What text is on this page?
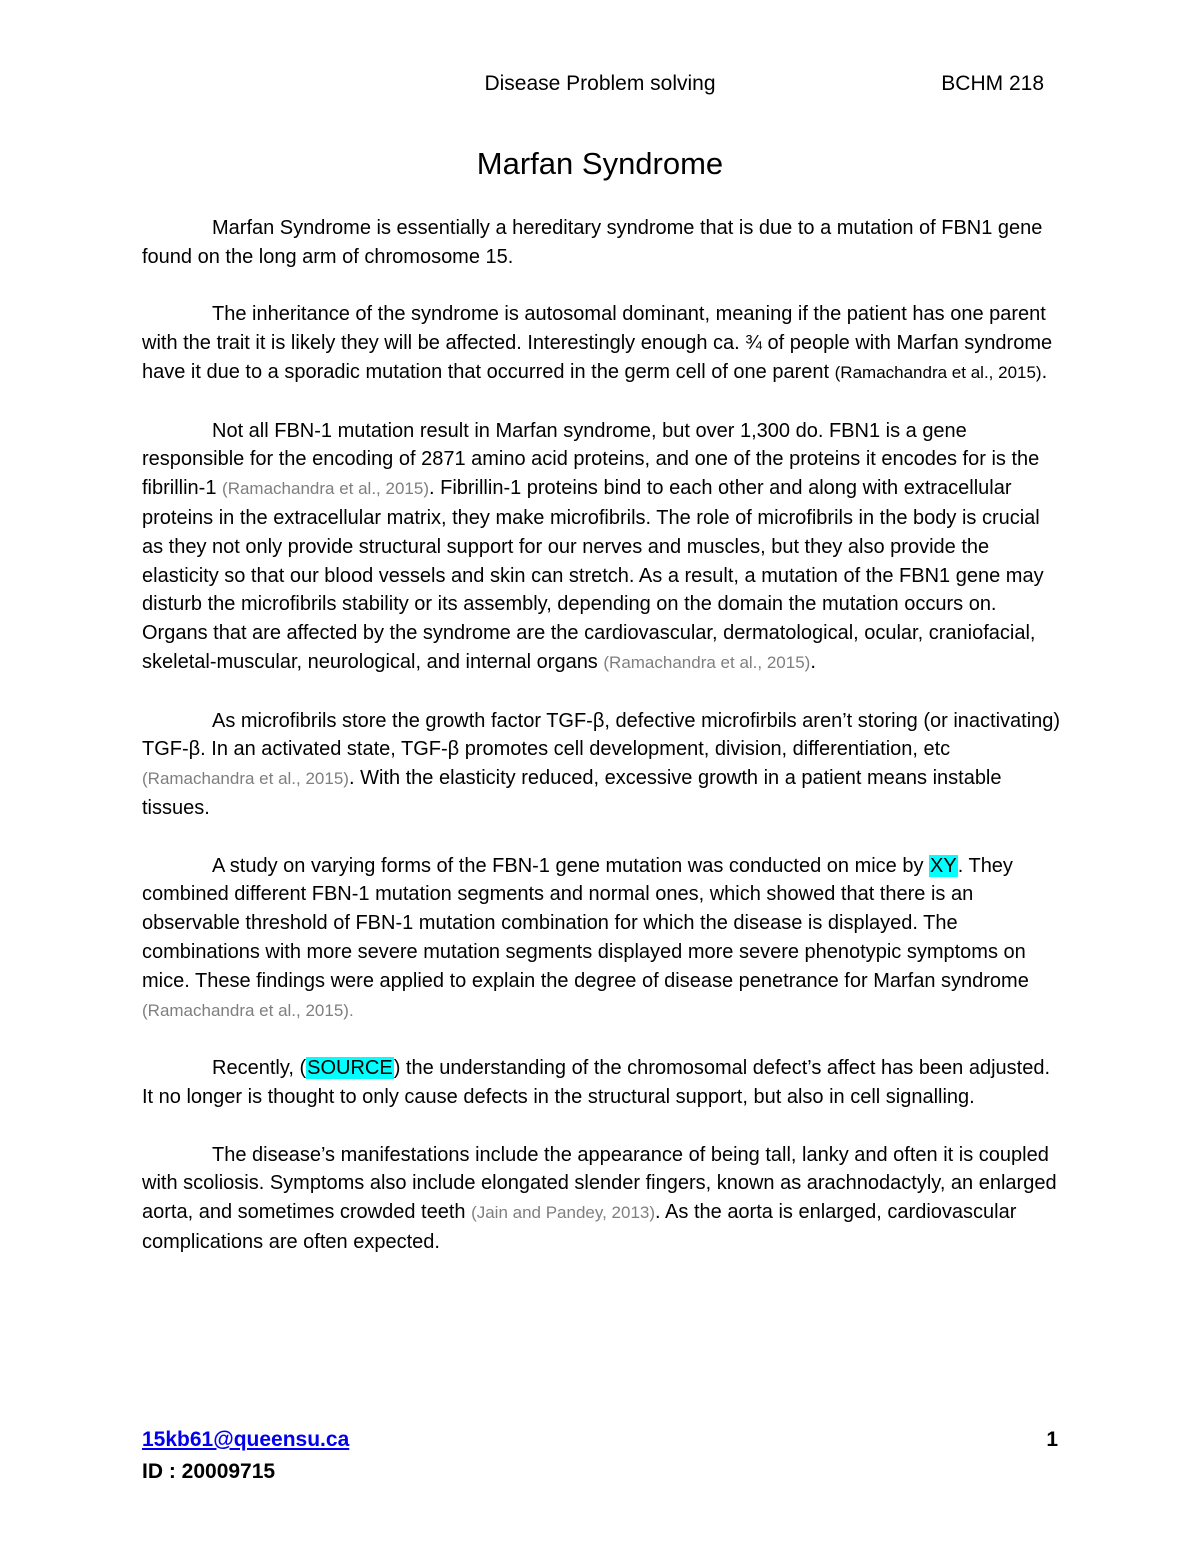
Disease Problem solving	BCHM 218
Marfan Syndrome

Marfan Syndrome is essentially a hereditary syndrome that is due to a mutation of FBN1 gene found on the long arm of chromosome 15.

The inheritance of the syndrome is autosomal dominant, meaning if the patient has one parent with the trait it is likely they will be affected. Interestingly enough ca. ¾ of people with Marfan syndrome have it due to a sporadic mutation that occurred in the germ cell of one parent (Ramachandra et al., 2015).

Not all FBN-1 mutation result in Marfan syndrome, but over 1,300 do. FBN1 is a gene responsible for the encoding of 2871 amino acid proteins, and one of the proteins it encodes for is the fibrillin-1 (Ramachandra et al., 2015). Fibrillin-1 proteins bind to each other and along with extracellular proteins in the extracellular matrix, they make microfibrils. The role of microfibrils in the body is crucial as they not only provide structural support for our nerves and muscles, but they also provide the elasticity so that our blood vessels and skin can stretch. As a result, a mutation of the FBN1 gene may disturb the microfibrils stability or its assembly, depending on the domain the mutation occurs on. Organs that are affected by the syndrome are the cardiovascular, dermatological, ocular, craniofacial, skeletal-muscular, neurological, and internal organs (Ramachandra et al., 2015).

As microfibrils store the growth factor TGF-β, defective microfirbils aren’t storing (or inactivating) TGF-β. In an activated state, TGF-β promotes cell development, division, differentiation, etc (Ramachandra et al., 2015). With the elasticity reduced, excessive growth in a patient means instable tissues.

A study on varying forms of the FBN-1 gene mutation was conducted on mice by XY. They combined different FBN-1 mutation segments and normal ones, which showed that there is an observable threshold of FBN-1 mutation combination for which the disease is displayed. The combinations with more severe mutation segments displayed more severe phenotypic symptoms on mice. These findings were applied to explain the degree of disease penetrance for Marfan syndrome (Ramachandra et al., 2015).

Recently, (SOURCE) the understanding of the chromosomal defect’s affect has been adjusted. It no longer is thought to only cause defects in the structural support, but also in cell signalling.

The disease’s manifestations include the appearance of being tall, lanky and often it is coupled with scoliosis. Symptoms also include elongated slender fingers, known as arachnodactyly, an enlarged aorta, and sometimes crowded teeth (Jain and Pandey, 2013). As the aorta is enlarged, cardiovascular complications are often expected.

15kb61@queensu.ca
ID : 20009715
1
